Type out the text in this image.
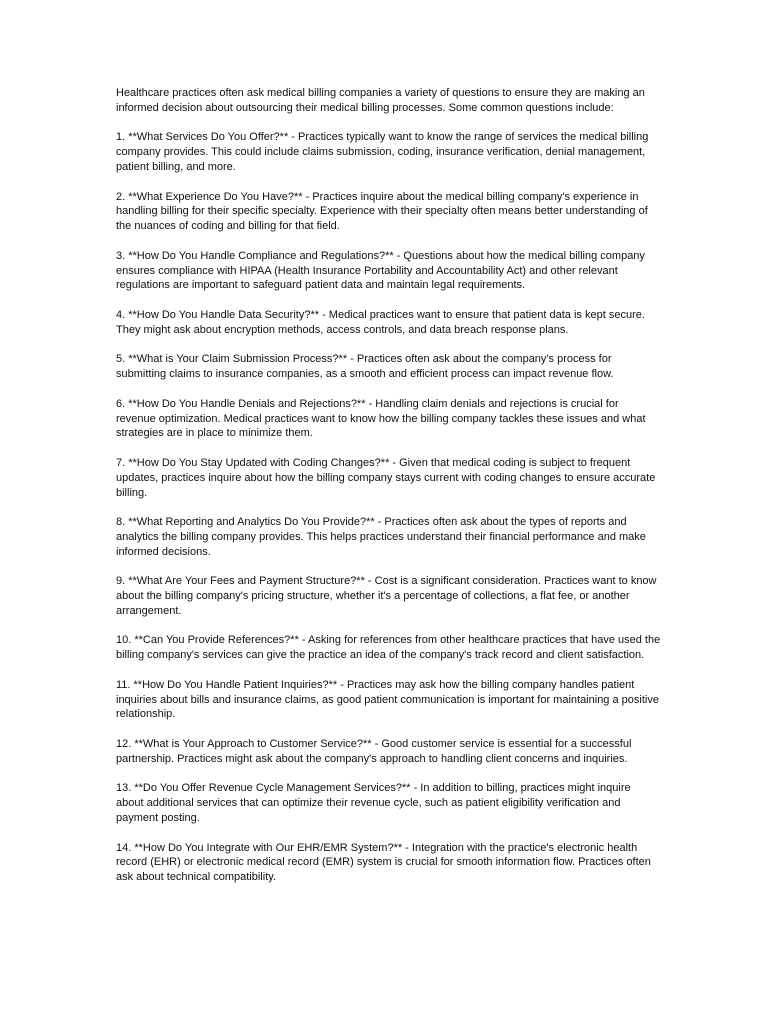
Healthcare practices often ask medical billing companies a variety of questions to ensure they are making an informed decision about outsourcing their medical billing processes. Some common questions include:

1. **What Services Do You Offer?** - Practices typically want to know the range of services the medical billing company provides. This could include claims submission, coding, insurance verification, denial management, patient billing, and more.

2. **What Experience Do You Have?** - Practices inquire about the medical billing company's experience in handling billing for their specific specialty. Experience with their specialty often means better understanding of the nuances of coding and billing for that field.

3. **How Do You Handle Compliance and Regulations?** - Questions about how the medical billing company ensures compliance with HIPAA (Health Insurance Portability and Accountability Act) and other relevant regulations are important to safeguard patient data and maintain legal requirements.

4. **How Do You Handle Data Security?** - Medical practices want to ensure that patient data is kept secure. They might ask about encryption methods, access controls, and data breach response plans.

5. **What is Your Claim Submission Process?** - Practices often ask about the company's process for submitting claims to insurance companies, as a smooth and efficient process can impact revenue flow.

6. **How Do You Handle Denials and Rejections?** - Handling claim denials and rejections is crucial for revenue optimization. Medical practices want to know how the billing company tackles these issues and what strategies are in place to minimize them.

7. **How Do You Stay Updated with Coding Changes?** - Given that medical coding is subject to frequent updates, practices inquire about how the billing company stays current with coding changes to ensure accurate billing.

8. **What Reporting and Analytics Do You Provide?** - Practices often ask about the types of reports and analytics the billing company provides. This helps practices understand their financial performance and make informed decisions.

9. **What Are Your Fees and Payment Structure?** - Cost is a significant consideration. Practices want to know about the billing company's pricing structure, whether it's a percentage of collections, a flat fee, or another arrangement.

10. **Can You Provide References?** - Asking for references from other healthcare practices that have used the billing company's services can give the practice an idea of the company's track record and client satisfaction.

11. **How Do You Handle Patient Inquiries?** - Practices may ask how the billing company handles patient inquiries about bills and insurance claims, as good patient communication is important for maintaining a positive relationship.

12. **What is Your Approach to Customer Service?** - Good customer service is essential for a successful partnership. Practices might ask about the company's approach to handling client concerns and inquiries.

13. **Do You Offer Revenue Cycle Management Services?** - In addition to billing, practices might inquire about additional services that can optimize their revenue cycle, such as patient eligibility verification and payment posting.

14. **How Do You Integrate with Our EHR/EMR System?** - Integration with the practice's electronic health record (EHR) or electronic medical record (EMR) system is crucial for smooth information flow. Practices often ask about technical compatibility.
